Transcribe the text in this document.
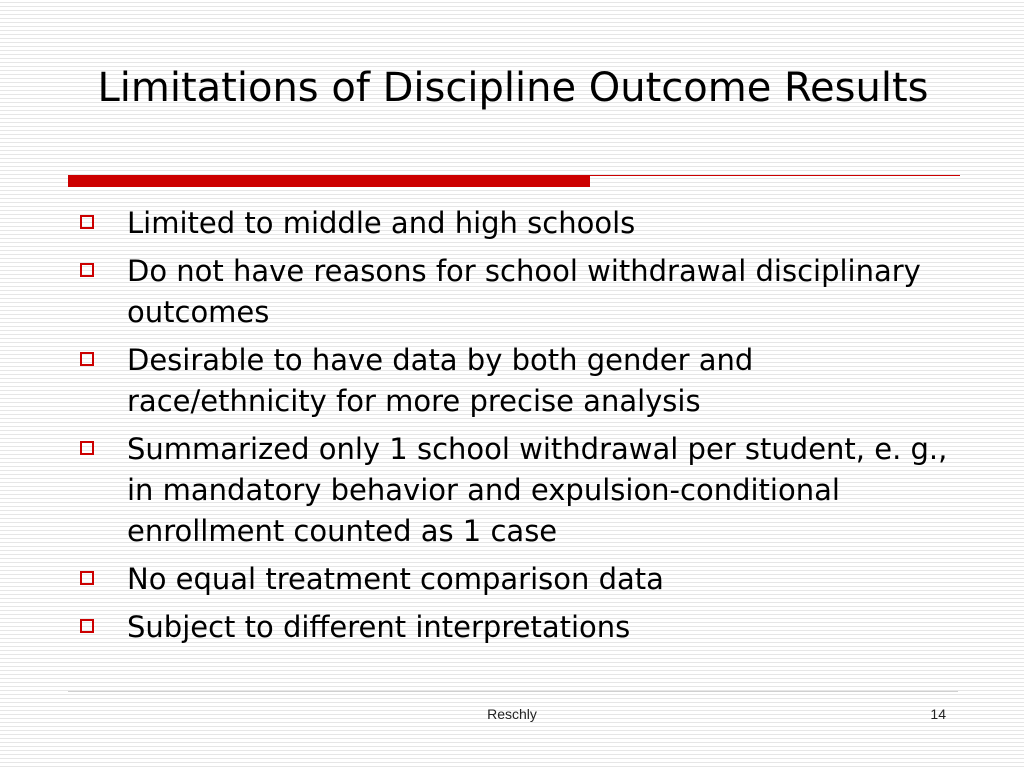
Limitations of Discipline Outcome Results
Limited to middle and high schools
Do not have reasons for school withdrawal disciplinary outcomes
Desirable to have data by both gender and race/ethnicity for more precise analysis
Summarized only 1 school withdrawal per student, e. g., in mandatory behavior and expulsion-conditional enrollment counted as 1 case
No equal treatment comparison data
Subject to different interpretations
Reschly	14
